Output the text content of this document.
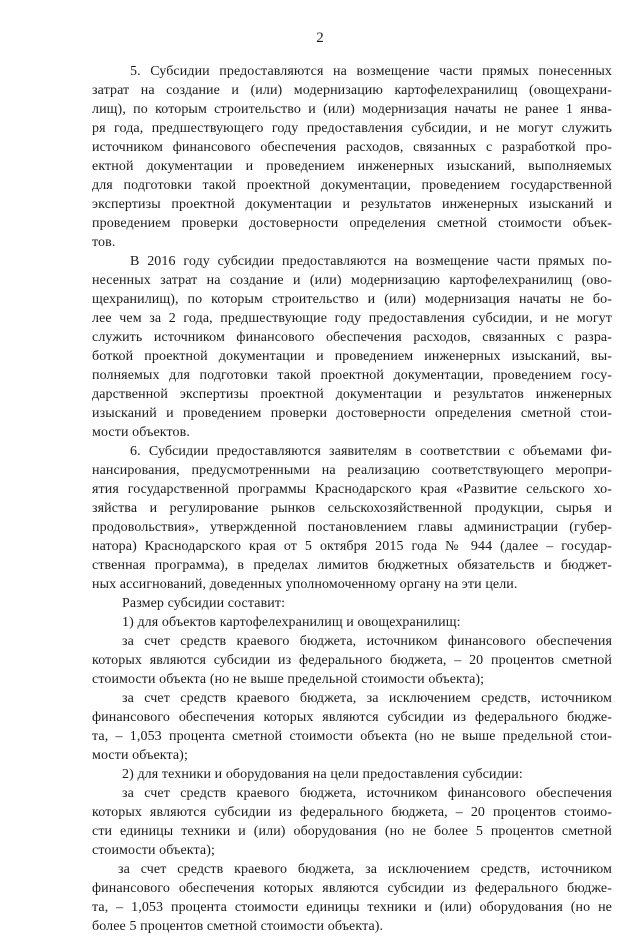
2
5. Субсидии предоставляются на возмещение части прямых понесенных
затрат на создание и (или) модернизацию картофелехранилищ (овощехрани-
лищ), по которым строительство и (или) модернизация начаты не ранее 1 янва-
ря года, предшествующего году предоставления субсидии, и не могут служить
источником финансового обеспечения расходов, связанных с разработкой про-
ектной документации и проведением инженерных изысканий, выполняемых
для подготовки такой проектной документации, проведением государственной
экспертизы проектной документации и результатов инженерных изысканий и
проведением проверки достоверности определения сметной стоимости объек-
тов.
В 2016 году субсидии предоставляются на возмещение части прямых по-
несенных затрат на создание и (или) модернизацию картофелехранилищ (ово-
щехранилищ), по которым строительство и (или) модернизация начаты не бо-
лее чем за 2 года, предшествующие году предоставления субсидии, и не могут
служить источником финансового обеспечения расходов, связанных с разра-
боткой проектной документации и проведением инженерных изысканий, вы-
полняемых для подготовки такой проектной документации, проведением госу-
дарственной экспертизы проектной документации и результатов инженерных
изысканий и проведением проверки достоверности определения сметной стои-
мости объектов.
6. Субсидии предоставляются заявителям в соответствии с объемами фи-
нансирования, предусмотренными на реализацию соответствующего меропри-
ятия государственной программы Краснодарского края «Развитие сельского хо-
зяйства и регулирование рынков сельскохозяйственной продукции, сырья и
продовольствия», утвержденной постановлением главы администрации (губер-
натора) Краснодарского края от 5 октября 2015 года № 944 (далее – государ-
ственная программа), в пределах лимитов бюджетных обязательств и бюджет-
ных ассигнований, доведенных уполномоченному органу на эти цели.
Размер субсидии составит:
1) для объектов картофелехранилищ и овощехранилищ:
за счет средств краевого бюджета, источником финансового обеспечения
которых являются субсидии из федерального бюджета, – 20 процентов сметной
стоимости объекта (но не выше предельной стоимости объекта);
за счет средств краевого бюджета, за исключением средств, источником
финансового обеспечения которых являются субсидии из федерального бюдже-
та, – 1,053 процента сметной стоимости объекта (но не выше предельной стои-
мости объекта);
2) для техники и оборудования на цели предоставления субсидии:
за счет средств краевого бюджета, источником финансового обеспечения
которых являются субсидии из федерального бюджета, – 20 процентов стоимо-
сти единицы техники и (или) оборудования (но не более 5 процентов сметной
стоимости объекта);
за счет средств краевого бюджета, за исключением средств, источником
финансового обеспечения которых являются субсидии из федерального бюдже-
та, – 1,053 процента стоимости единицы техники и (или) оборудования (но не
более 5 процентов сметной стоимости объекта).
